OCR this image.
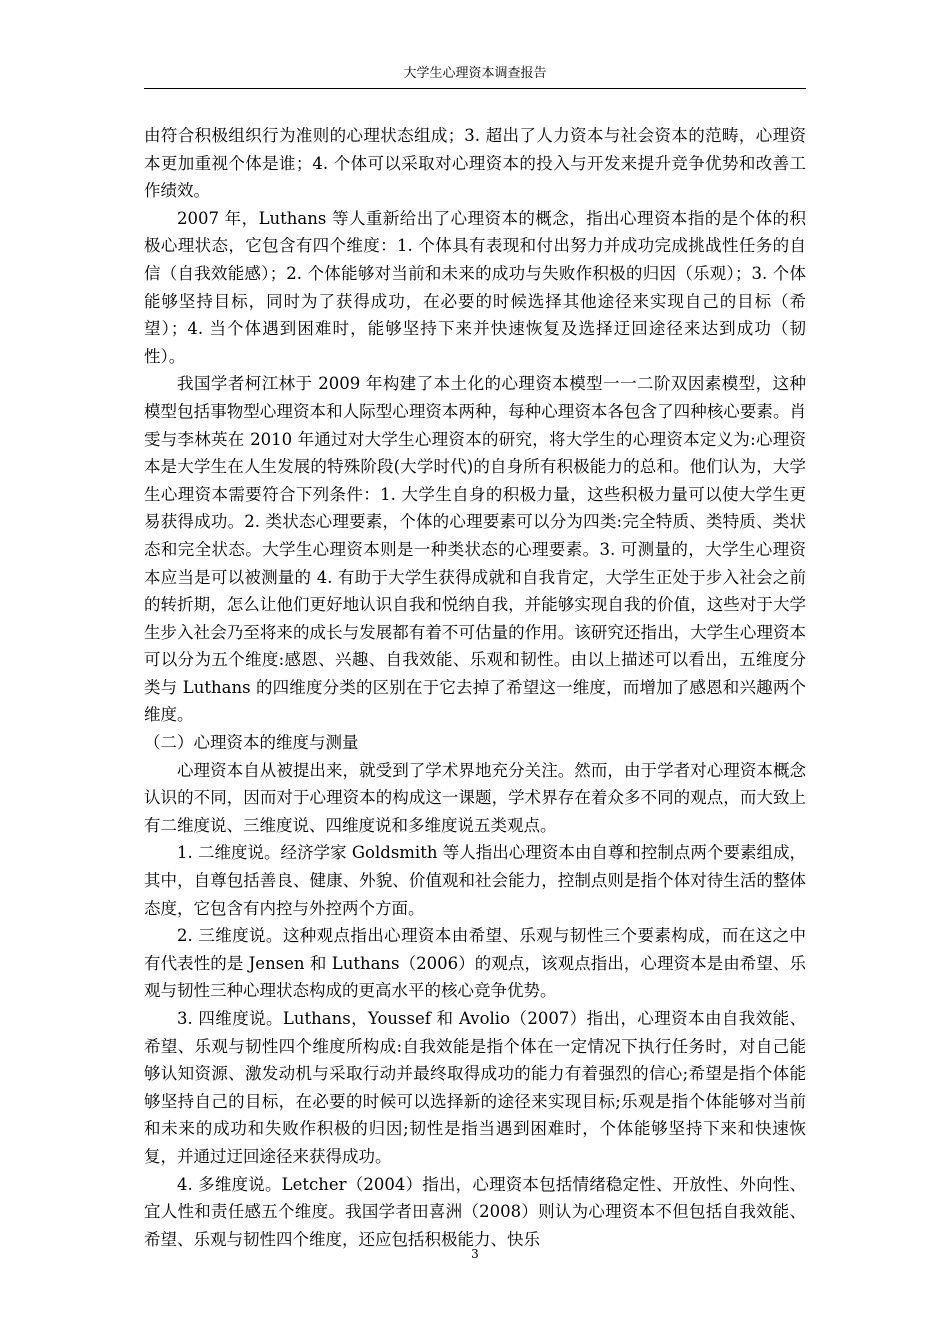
大学生心理资本调查报告

由符合积极组织行为准则的心理状态组成；3. 超出了人力资本与社会资本的范畴，心理资本更加重视个体是谁；4. 个体可以采取对心理资本的投入与开发来提升竞争优势和改善工作绩效。

2007 年，Luthans 等人重新给出了心理资本的概念，指出心理资本指的是个体的积极心理状态，它包含有四个维度：1. 个体具有表现和付出努力并成功完成挑战性任务的自信（自我效能感）；2. 个体能够对当前和未来的成功与失败作积极的归因（乐观）；3. 个体能够坚持目标，同时为了获得成功，在必要的时候选择其他途径来实现自己的目标（希望）；4. 当个体遇到困难时，能够坚持下来并快速恢复及选择迂回途径来达到成功（韧性）。

我国学者柯江林于 2009 年构建了本土化的心理资本模型一一二阶双因素模型，这种模型包括事物型心理资本和人际型心理资本两种，每种心理资本各包含了四种核心要素。肖雯与李林英在 2010 年通过对大学生心理资本的研究，将大学生的心理资本定义为:心理资本是大学生在人生发展的特殊阶段(大学时代)的自身所有积极能力的总和。他们认为，大学生心理资本需要符合下列条件：1. 大学生自身的积极力量，这些积极力量可以使大学生更易获得成功。2. 类状态心理要素，个体的心理要素可以分为四类:完全特质、类特质、类状态和完全状态。大学生心理资本则是一种类状态的心理要素。3. 可测量的，大学生心理资本应当是可以被测量的 4. 有助于大学生获得成就和自我肯定，大学生正处于步入社会之前的转折期，怎么让他们更好地认识自我和悦纳自我，并能够实现自我的价值，这些对于大学生步入社会乃至将来的成长与发展都有着不可估量的作用。该研究还指出，大学生心理资本可以分为五个维度:感恩、兴趣、自我效能、乐观和韧性。由以上描述可以看出，五维度分类与 Luthans 的四维度分类的区别在于它去掉了希望这一维度，而增加了感恩和兴趣两个维度。

（二）心理资本的维度与测量

心理资本自从被提出来，就受到了学术界地充分关注。然而，由于学者对心理资本概念认识的不同，因而对于心理资本的构成这一课题，学术界存在着众多不同的观点，而大致上有二维度说、三维度说、四维度说和多维度说五类观点。

1. 二维度说。经济学家 Goldsmith 等人指出心理资本由自尊和控制点两个要素组成，其中，自尊包括善良、健康、外貌、价值观和社会能力，控制点则是指个体对待生活的整体态度，它包含有内控与外控两个方面。

2. 三维度说。这种观点指出心理资本由希望、乐观与韧性三个要素构成，而在这之中有代表性的是 Jensen 和 Luthans（2006）的观点，该观点指出，心理资本是由希望、乐观与韧性三种心理状态构成的更高水平的核心竞争优势。

3. 四维度说。Luthans，Youssef 和 Avolio（2007）指出，心理资本由自我效能、希望、乐观与韧性四个维度所构成:自我效能是指个体在一定情况下执行任务时，对自己能够认知资源、激发动机与采取行动并最终取得成功的能力有着强烈的信心;希望是指个体能够坚持自己的目标，在必要的时候可以选择新的途径来实现目标;乐观是指个体能够对当前和未来的成功和失败作积极的归因;韧性是指当遇到困难时，个体能够坚持下来和快速恢复，并通过迂回途径来获得成功。

4. 多维度说。Letcher（2004）指出，心理资本包括情绪稳定性、开放性、外向性、宜人性和责任感五个维度。我国学者田喜洲（2008）则认为心理资本不但包括自我效能、希望、乐观与韧性四个维度，还应包括积极能力、快乐

3
